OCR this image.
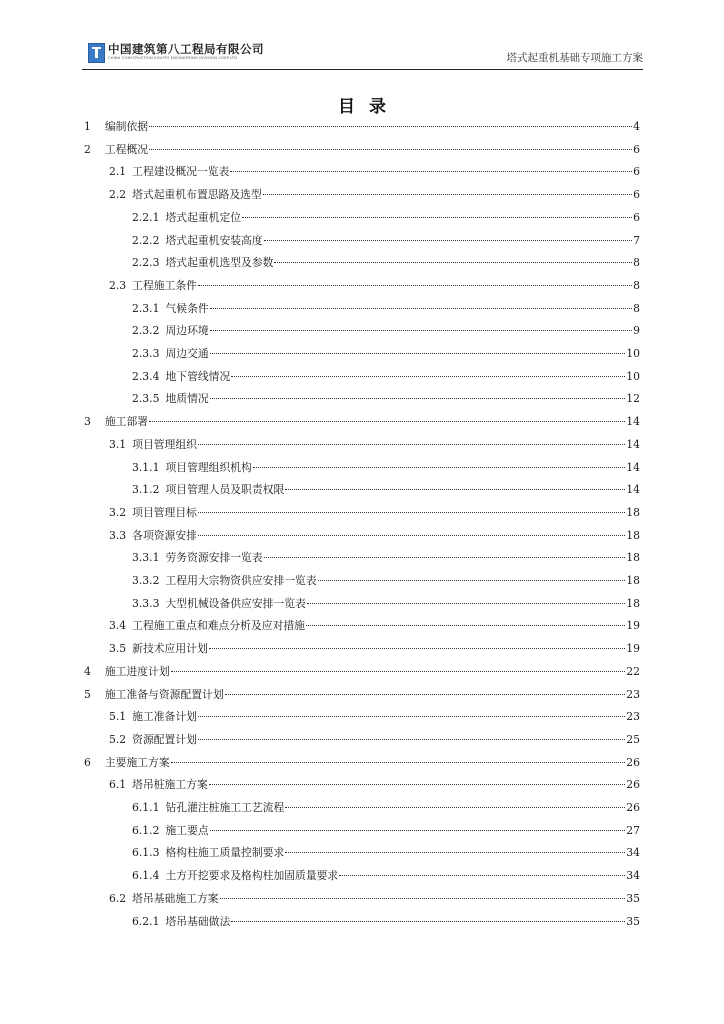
中国建筑第八工程局有限公司
CHINA CONSTRUCTION EIGHTH ENGINEERING DIVISION CORP.LTD	塔式起重机基础专项施工方案
目录
1 编制依据	4
2 工程概况	6
2.1 工程建设概况一览表	6
2.2 塔式起重机布置思路及选型	6
2.2.1 塔式起重机定位	6
2.2.2 塔式起重机安装高度	7
2.2.3 塔式起重机选型及参数	8
2.3 工程施工条件	8
2.3.1 气候条件	8
2.3.2 周边环境	9
2.3.3 周边交通	10
2.3.4 地下管线情况	10
2.3.5 地质情况	12
3 施工部署	14
3.1 项目管理组织	14
3.1.1 项目管理组织机构	14
3.1.2 项目管理人员及职责权限	14
3.2 项目管理目标	18
3.3 各项资源安排	18
3.3.1 劳务资源安排一览表	18
3.3.2 工程用大宗物资供应安排一览表	18
3.3.3 大型机械设备供应安排一览表	18
3.4 工程施工重点和难点分析及应对措施	19
3.5 新技术应用计划	19
4 施工进度计划	22
5 施工准备与资源配置计划	23
5.1 施工准备计划	23
5.2 资源配置计划	25
6 主要施工方案	26
6.1 塔吊桩施工方案	26
6.1.1 钻孔灌注桩施工工艺流程	26
6.1.2 施工要点	27
6.1.3 格构柱施工质量控制要求	34
6.1.4 土方开挖要求及格构柱加固质量要求	34
6.2 塔吊基础施工方案	35
6.2.1 塔吊基础做法	35
